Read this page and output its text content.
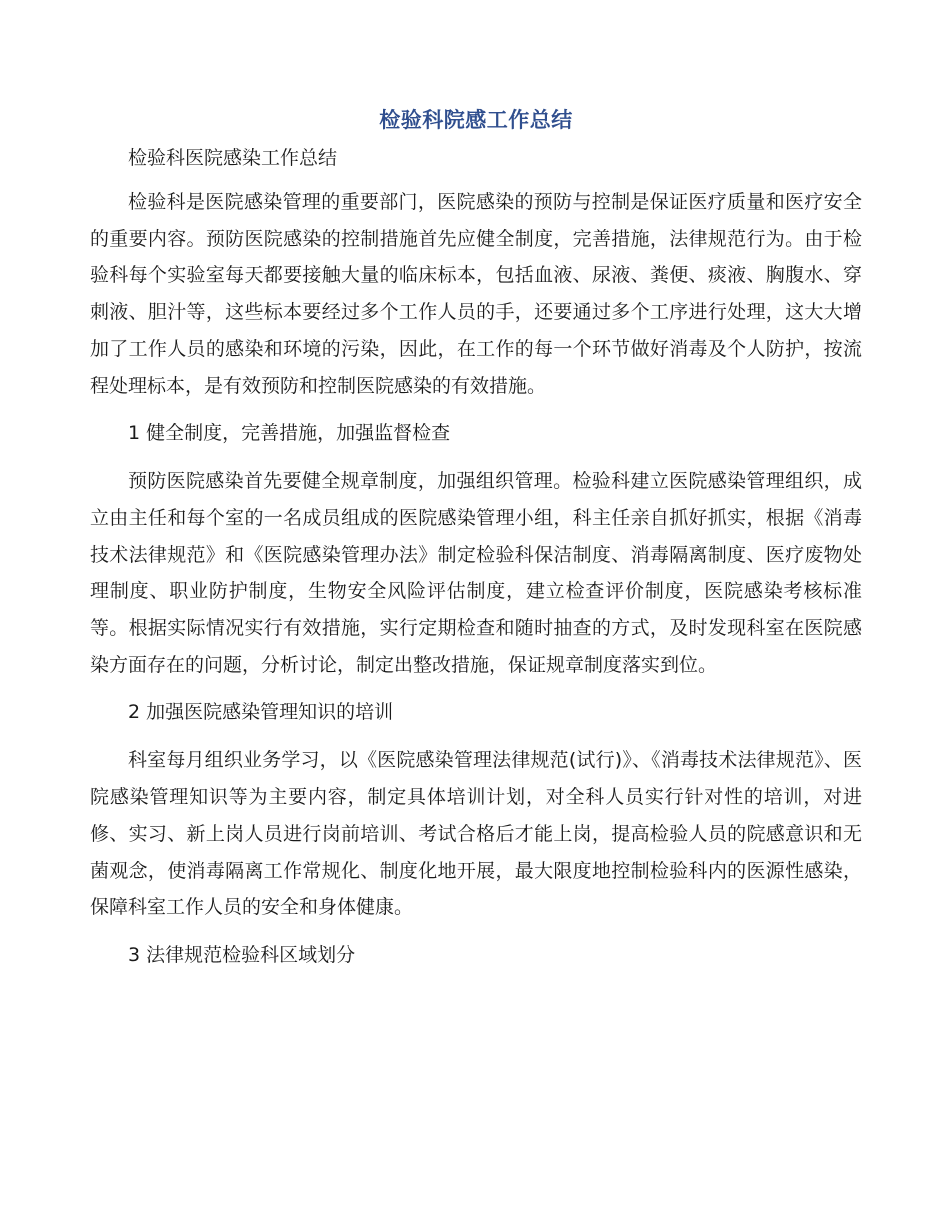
检验科院感工作总结

检验科医院感染工作总结

检验科是医院感染管理的重要部门，医院感染的预防与控制是保证医疗质量和医疗安全的重要内容。预防医院感染的控制措施首先应健全制度，完善措施，法律规范行为。由于检验科每个实验室每天都要接触大量的临床标本，包括血液、尿液、粪便、痰液、胸腹水、穿刺液、胆汁等，这些标本要经过多个工作人员的手，还要通过多个工序进行处理，这大大增加了工作人员的感染和环境的污染，因此，在工作的每一个环节做好消毒及个人防护，按流程处理标本，是有效预防和控制医院感染的有效措施。

1 健全制度，完善措施，加强监督检查

预防医院感染首先要健全规章制度，加强组织管理。检验科建立医院感染管理组织，成立由主任和每个室的一名成员组成的医院感染管理小组，科主任亲自抓好抓实，根据《消毒技术法律规范》和《医院感染管理办法》制定检验科保洁制度、消毒隔离制度、医疗废物处理制度、职业防护制度，生物安全风险评估制度，建立检查评价制度，医院感染考核标准等。根据实际情况实行有效措施，实行定期检查和随时抽查的方式，及时发现科室在医院感染方面存在的问题，分析讨论，制定出整改措施，保证规章制度落实到位。

2 加强医院感染管理知识的培训

科室每月组织业务学习，以《医院感染管理法律规范(试行)》、《消毒技术法律规范》、医院感染管理知识等为主要内容，制定具体培训计划，对全科人员实行针对性的培训，对进修、实习、新上岗人员进行岗前培训、考试合格后才能上岗，提高检验人员的院感意识和无菌观念，使消毒隔离工作常规化、制度化地开展，最大限度地控制检验科内的医源性感染，保障科室工作人员的安全和身体健康。

3 法律规范检验科区域划分
